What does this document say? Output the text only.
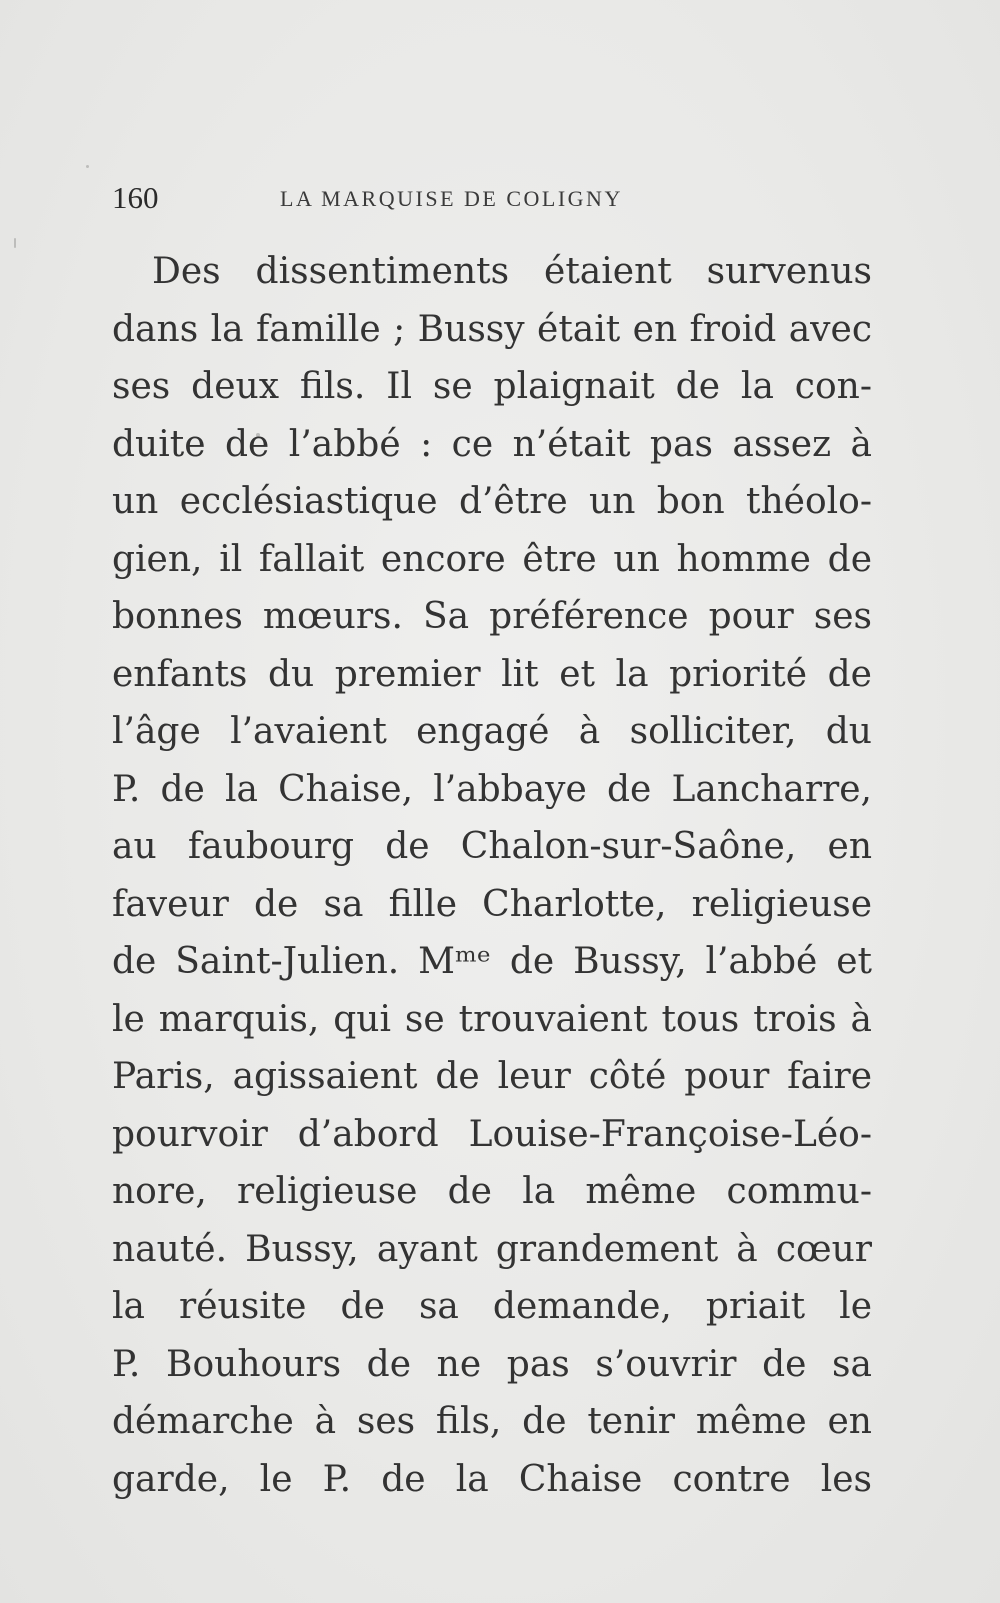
160	LA MARQUISE DE COLIGNY
Des dissentiments étaient survenus
dans la famille ; Bussy était en froid avec
ses deux fils. Il se plaignait de la con-
duite de l’abbé : ce n’était pas assez à
un ecclésiastique d’être un bon théolo-
gien, il fallait encore être un homme de
bonnes mœurs. Sa préférence pour ses
enfants du premier lit et la priorité de
l’âge l’avaient engagé à solliciter, du
P. de la Chaise, l’abbaye de Lancharre,
au faubourg de Chalon-sur-Saône, en
faveur de sa fille Charlotte, religieuse
de Saint-Julien. Mᵐᵉ de Bussy, l’abbé et
le marquis, qui se trouvaient tous trois à
Paris, agissaient de leur côté pour faire
pourvoir d’abord Louise-Françoise-Léo-
nore, religieuse de la même commu-
nauté. Bussy, ayant grandement à cœur
la réusite de sa demande, priait le
P. Bouhours de ne pas s’ouvrir de sa
démarche à ses fils, de tenir même en
garde, le P. de la Chaise contre les
